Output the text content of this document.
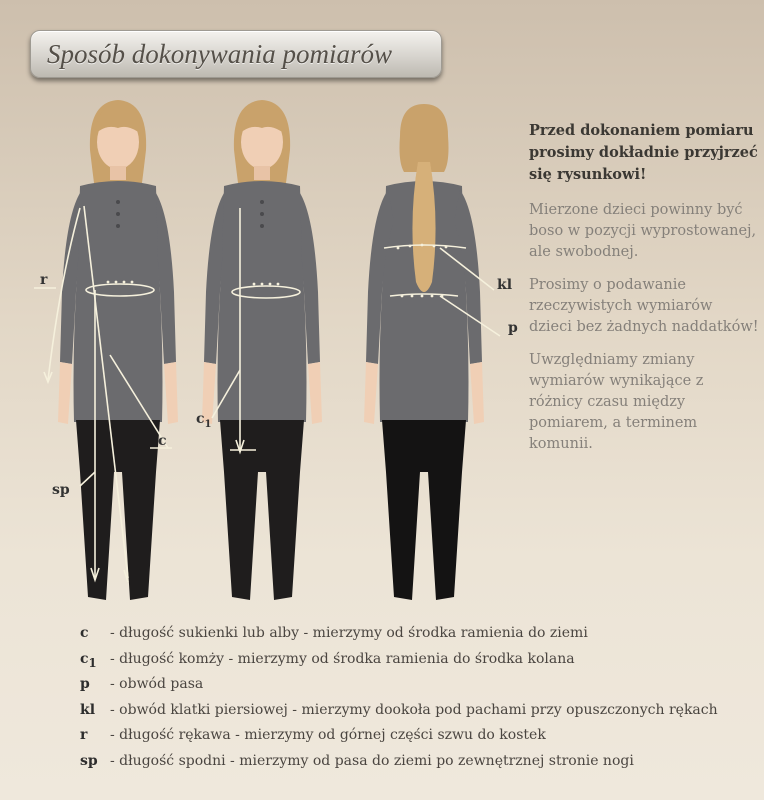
Sposób dokonywania pomiarów
r
sp
c
$c_1$
kl
p
Przed dokonaniem pomiaru prosimy dokładnie przyjrzeć się rysunkowi!

Mierzone dzieci powinny być boso w pozycji wyprostowanej, ale swobodnej.

Prosimy o podawanie rzeczywistych wymiarów dzieci bez żadnych naddatków!

Uwzględniamy zmiany wymiarów wynikające z różnicy czasu między pomiarem, a terminem komunii.

c	- długość sukienki lub alby - mierzymy od środka ramienia do ziemi
$c_1$ - długość komży - mierzymy od środka ramienia do środka kolana
p	- obwód pasa
kl	- obwód klatki piersiowej - mierzymy dookoła pod pachami przy opuszczonych rękach
r	- długość rękawa - mierzymy od górnej części szwu do kostek
sp - długość spodni - mierzymy od pasa do ziemi po zewnętrznej stronie nogi
